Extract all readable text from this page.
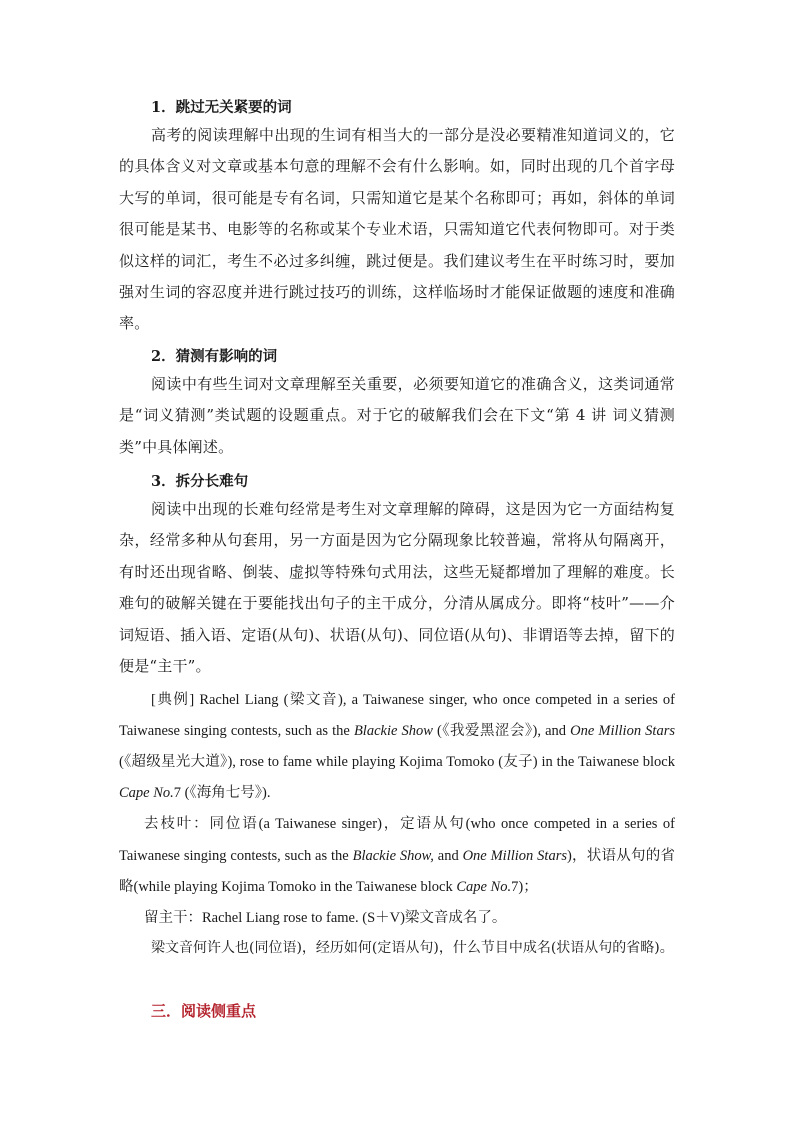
1．跳过无关紧要的词
高考的阅读理解中出现的生词有相当大的一部分是没必要精准知道词义的，它的具体含义对文章或基本句意的理解不会有什么影响。如，同时出现的几个首字母大写的单词，很可能是专有名词，只需知道它是某个名称即可；再如，斜体的单词很可能是某书、电影等的名称或某个专业术语，只需知道它代表何物即可。对于类似这样的词汇，考生不必过多纠缠，跳过便是。我们建议考生在平时练习时，要加强对生词的容忍度并进行跳过技巧的训练，这样临场时才能保证做题的速度和准确率。
2．猜测有影响的词
阅读中有些生词对文章理解至关重要，必须要知道它的准确含义，这类词通常是“词义猜测”类试题的设题重点。对于它的破解我们会在下文“第 4 讲 词义猜测类”中具体阐述。
3．拆分长难句
阅读中出现的长难句经常是考生对文章理解的障碍，这是因为它一方面结构复杂，经常多种从句套用，另一方面是因为它分隔现象比较普遍，常将从句隔离开，有时还出现省略、倒装、虚拟等特殊句式用法，这些无疑都增加了理解的难度。长难句的破解关键在于要能找出句子的主干成分，分清从属成分。即将“枝叶”——介词短语、插入语、定语(从句)、状语(从句)、同位语(从句)、非谓语等去掉，留下的便是“主干”。
[典例] Rachel Liang (梁文音), a Taiwanese singer, who once competed in a series of Taiwanese singing contests, such as the Blackie Show (《我爱黑涩会》), and One Million Stars (《超级星光大道》), rose to fame while playing Kojima Tomoko (友子) in the Taiwanese block Cape No.7 (《海角七号》).
去枝叶：同位语(a Taiwanese singer)，定语从句(who once competed in a series of Taiwanese singing contests, such as the Blackie Show, and One Million Stars)，状语从句的省略(while playing Kojima Tomoko in the Taiwanese block Cape No.7)；
留主干：Rachel Liang rose to fame. (S＋V)梁文音成名了。
梁文音何许人也(同位语)，经历如何(定语从句)，什么节目中成名(状语从句的省略)。
三．阅读侧重点
